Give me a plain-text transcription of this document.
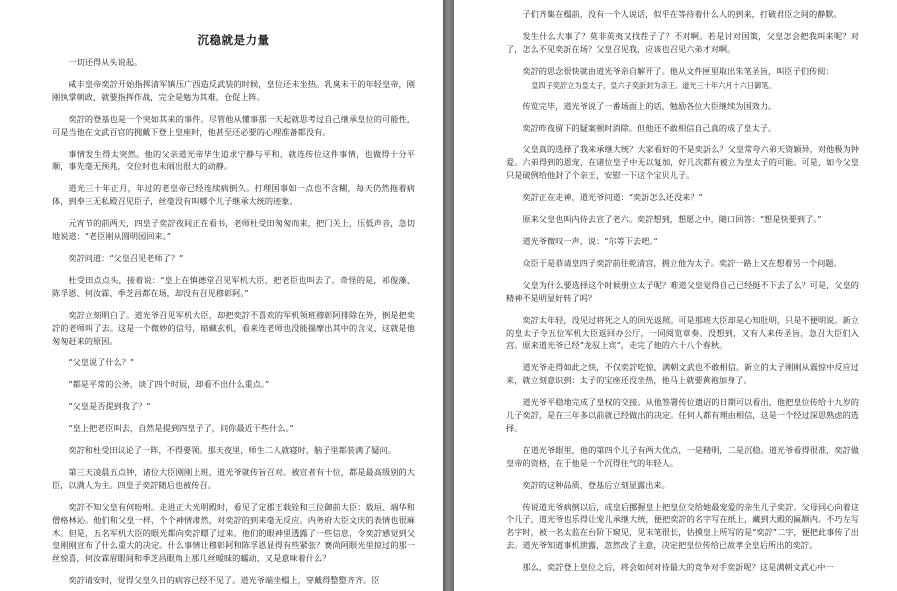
沉稳就是力量

一切还得从头说起。

咸丰皇帝奕詝开始指挥清军镇压广西造反武装的时候，皇位还未坐热。乳臭未干的年轻皇帝，刚刚执掌朝政，就要指挥作战，完全是勉为其难，仓促上阵。

奕詝的登基也是一个突如其来的事件。尽管他从懂事那一天起就思考过自己继承皇位的可能性，可是当他在文武百官的拥戴下登上皇座时，他甚至还必要的心理准备都没有。

事情发生得太突然。他的父亲道光帝毕生追求宁静与平和，就连传位这件事情，也做得十分平顺，事先毫无预兆，交位时也未闹出很大的动静。

道光三十年正月，年过的老皇帝已经连续病倒久。打理国事如一点也不含糊，每天仍然拖着病体，到奉三无私殿召见臣子，丝毫没有叫哪个儿子继承大统的迹象。

元宵节的前两天，四皇子奕詝夜间正在看书，老师杜受田匆匆而来，把门关上，压低声音，急切地说道：“老臣刚从圆明园回来。”

奕詝问道：“父皇召见老师了？”

杜受田点点头，接着说：“皇上在慎德堂召见军机大臣，把老臣也叫去了。奇怪的是，祁俊藻、陈孚恩、何汝霖、季芝昌都在场，却没有召见穆彰阿。”

奕詝立刻明白了。道光爷召见军机大臣，却把奕詝不喜欢的军机领班穆彰阿排除在外，倒是把奕詝的老师叫了去。这是一个微妙的信号，暗藏玄机，看来连老师也没能揣摩出其中的含义，这就是他匆匆赶来的原因。

“父皇说了什么？”

“都是平常的公务，谈了四个时辰，却看不出什么重点。”

“父皇是否提到我了？”

“皇上把老臣叫去，自然是提到四皇子了，问你最近干些什么。”

奕詝和杜受田议论了一阵，不得要领。那天夜里，师生二人就寝时，脑子里都装满了疑问。

第三天凌晨五点钟，诸位大臣刚刚上班，道光爷就传旨召对。被宣者有十位，都是最高级别的大臣，以满人为主。四皇子奕詝随后也被传召。

奕詝不知父皇有何吩咐。走进正大光明殿时，看见了定郡王载铨和三位御前大臣：载垣、端华和僧格林沁。他们和父皇一样，个个神情肃然，对奕詝的到来毫无反应。内务府大臣文庆的表情也很麻木。但是，五名军机大臣的眼光都向奕詝瞟了过来。他们的眼神里透露了一些信息，令奕詝感觉到父皇刚刚宣布了什么重大的决定。什么事情让穆彰阿和陈孚恩显得有些紧张？赛尚阿眼光里掠过的那一丝惊喜，何汝霖眉眼间和季芝昌眼角上那几丝暧昧的蠕动，又是意味着什么？

奕詝请安时，觉得父皇久日的病容已经不见了。道光爷端坐榻上，穿戴得整整齐齐。臣

子们齐集在榻前，没有一个人说话，似乎在等待着什么人的到来，打破君臣之间的静默。

发生什么大事了？莫非英夷又找茬子了？不对啊。若是讨对国策，父皇怎会把我叫来呢？对了，怎么不见奕訢在场？父皇召见我，应该也召见六弟才对啊。

奕詝的思念很快就由道光爷亲自解开了。他从文件匣里取出朱笔圣旨，叫臣子们传阅：

皇四子奕詝立为皇太子，皇六子奕訢封为亲王。道光三十年六月十六日御笔。

传览完毕，道光爷说了一番场面上的话，勉励各位大臣继续为国效力。

奕詝昨夜留下的疑案顿时消除。但他还不敢相信自己真的成了皇太子。

父皇真的选择了我来承继大统？大家看好的不是奕訢么？父皇常夸六弟天资颖异，对他极为钟爱。六弟得到的恩宠，在诸位皇子中无以复加，好几次都有被立为皇太子的可能。可是，如今父皇只是破例给他封了个亲王，安慰一下这个宝贝儿子。

奕詝正在走神，道光爷问道：“奕訢怎么还没来？”

原来父皇也叫内侍去宣了老六。奕詝想到，想愿之中，随口回答：“想是快要到了。”

道光爷微叹一声，说：“尔等下去吧。”

众臣于是恭请皇四子奕詝前往乾清宫，拥立他为太子。奕詝一路上又在想着另一个问题。

父皇为什么要选择这个时候册立太子呢？难道父皇觉得自己已经挺不下去了么？可是，父皇的精神不是明显好转了吗？

奕詝太年轻，没见过将死之人的回光返照。可是那班大臣却是心知肚明，只是不便明说。新立的皇太子令五位军机大臣返回办公厅，一同阅览章奏。没想到，又有人来传圣旨，急召大臣们入宫。原来道光爷已经“龙驭上宾”，走完了他的六十八个春秋。

道光爷走得如此之快，不仅奕詝吃惊，满朝文武也不敢相信。新立的太子刚刚从震惊中反应过来，就立刻意识到：太子的宝座还没坐热，他马上就要黄袍加身了。

道光爷平稳地完成了皇权的交接。从他签署传位遗诏的日期可以看出，他把皇位传给十九岁的儿子奕詝，是在三年多以前就已经做出的决定。任何人都有理由相信，这是一个经过深思熟虑的选择。

在道光爷眼里，他的第四个儿子有两大优点，一是精明，二是沉稳。道光爷看得很准，奕詝做皇帝的资格，在于他是一个沉得住气的年轻人。

奕詝的这种品质，登基后立刻显露出来。

传说道光爷病倒以后，成皇后挪握皇上把皇位交给她最宠爱的亲生儿子奕詝。父母同心向着这个儿子，道光爷也乐得让宠儿承继大统，便把奕詝的名字写在纸上，藏到大殿的匾额内。不巧左写名字时，被一名太监在台阶下窥见，见末笔很长，估摸皇上所写的是“奕詝”二字，便把此事传了出去。道光爷知道事机泄露，忽然改了主意，决定把皇位传给已故孝全皇后所出的奕詝。

那么，奕詝登上皇位之后，将会如何对待最大的竞争对手奕訢呢？这是满朝文武心中一
